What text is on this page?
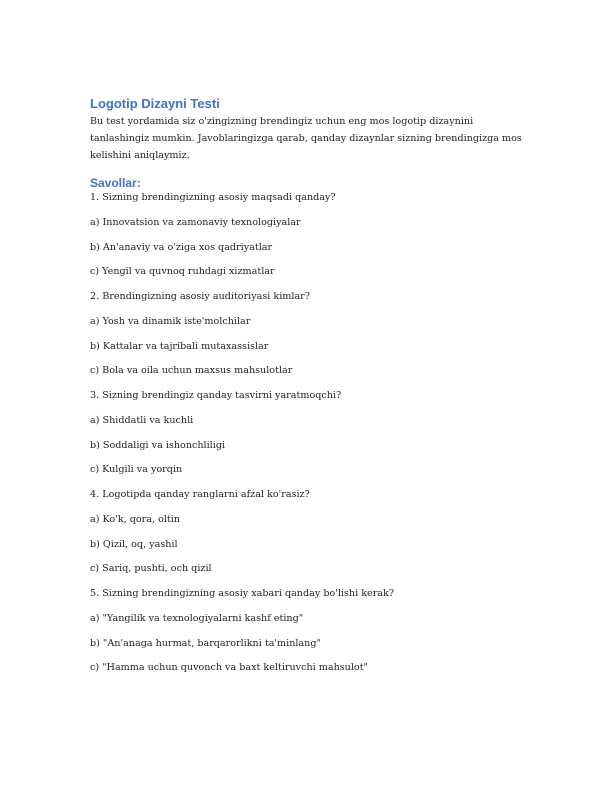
Logotip Dizayni Testi

Bu test yordamida siz o'zingizning brendingiz uchun eng mos logotip dizaynini tanlashingiz mumkin. Javoblaringizga qarab, qanday dizaynlar sizning brendingizga mos kelishini aniqlaymiz.

Savollar:
1. Sizning brendingizning asosiy maqsadi qanday?
a) Innovatsion va zamonaviy texnologiyalar
b) An'anaviy va o'ziga xos qadriyatlar
c) Yengil va quvnoq ruhdagi xizmatlar
2. Brendingizning asosiy auditoriyasi kimlar?
a) Yosh va dinamik iste'molchilar
b) Kattalar va tajribali mutaxassislar
c) Bola va oila uchun maxsus mahsulotlar
3. Sizning brendingiz qanday tasvirni yaratmoqchi?
a) Shiddatli va kuchli
b) Soddaligi va ishonchliligi
c) Kulgili va yorqin
4. Logotipda qanday ranglarni afzal ko'rasiz?
a) Ko'k, qora, oltin
b) Qizil, oq, yashil
c) Sariq, pushti, och qizil
5. Sizning brendingizning asosiy xabari qanday bo'lishi kerak?
a) "Yangilik va texnologiyalarni kashf eting"
b) "An'anaga hurmat, barqarorlikni ta'minlang"
c) "Hamma uchun quvonch va baxt keltiruvchi mahsulot"
